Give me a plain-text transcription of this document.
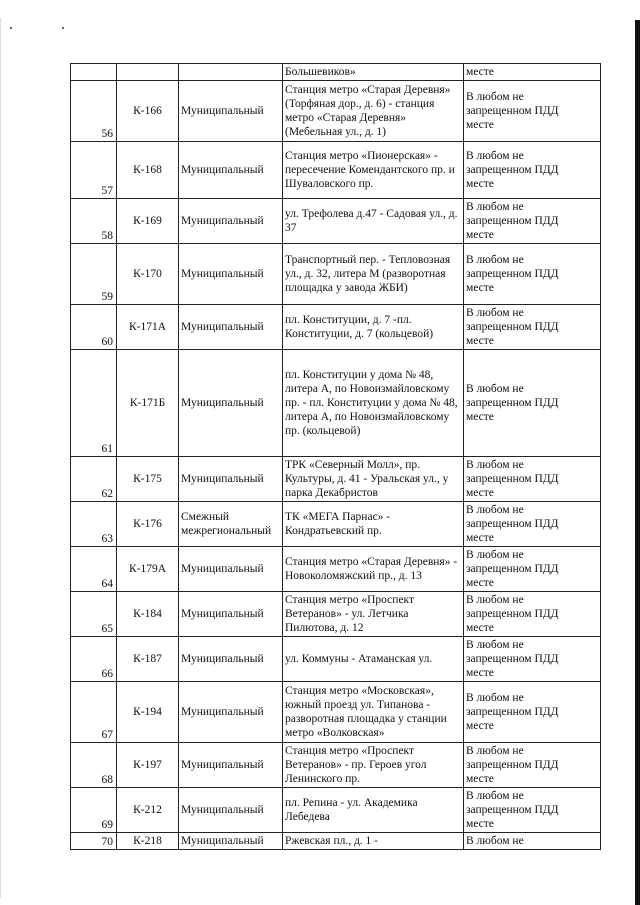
			Большевиков»	месте
56	К-166	Муниципальный	Станция метро «Старая Деревня» (Торфяная дор., д. 6) - станция метро «Старая Деревня» (Мебельная ул., д. 1)	В любом не
запрещенном ПДД
месте
57	К-168	Муниципальный	Станция метро «Пионерская» - пересечение Комендантского пр. и Шуваловского пр.	В любом не
запрещенном ПДД
месте
58	К-169	Муниципальный	ул. Трефолева д.47 - Садовая ул., д. 37	В любом не
запрещенном ПДД
месте
59	К-170	Муниципальный	Транспортный пер. - Тепловозная ул., д. 32, литера М (разворотная площадка у завода ЖБИ)	В любом не
запрещенном ПДД
месте
60	К-171А	Муниципальный	пл. Конституции, д. 7 -пл. Конституции, д. 7 (кольцевой)	В любом не
запрещенном ПДД
месте
61	К-171Б	Муниципальный	пл. Конституции у дома № 48, литера А, по Новоизмайловскому пр. - пл. Конституции у дома № 48, литера А, по Новоизмайловскому пр. (кольцевой)	В любом не
запрещенном ПДД
месте
62	К-175	Муниципальный	ТРК «Северный Молл», пр. Культуры, д. 41 - Уральская ул., у парка Декабристов	В любом не
запрещенном ПДД
месте
63	К-176	Смежный межрегиональный	ТК «МЕГА Парнас» - Кондратьевский пр.	В любом не
запрещенном ПДД
месте
64	К-179А	Муниципальный	Станция метро «Старая Деревня» - Новоколомяжский пр., д. 13	В любом не
запрещенном ПДД
месте
65	К-184	Муниципальный	Станция метро «Проспект Ветеранов» - ул. Летчика Пилютова, д. 12	В любом не
запрещенном ПДД
месте
66	К-187	Муниципальный	ул. Коммуны - Атаманская ул.	В любом не
запрещенном ПДД
месте
67	К-194	Муниципальный	Станция метро «Московская», южный проезд ул. Типанова - разворотная площадка у станции метро «Волковская»	В любом не
запрещенном ПДД
месте
68	К-197	Муниципальный	Станция метро «Проспект Ветеранов» - пр. Героев угол Ленинского пр.	В любом не
запрещенном ПДД
месте
69	К-212	Муниципальный	пл. Репина - ул. Академика Лебедева	В любом не
запрещенном ПДД
месте
70	К-218	Муниципальный	Ржевская пл., д. 1 -	В любом не
